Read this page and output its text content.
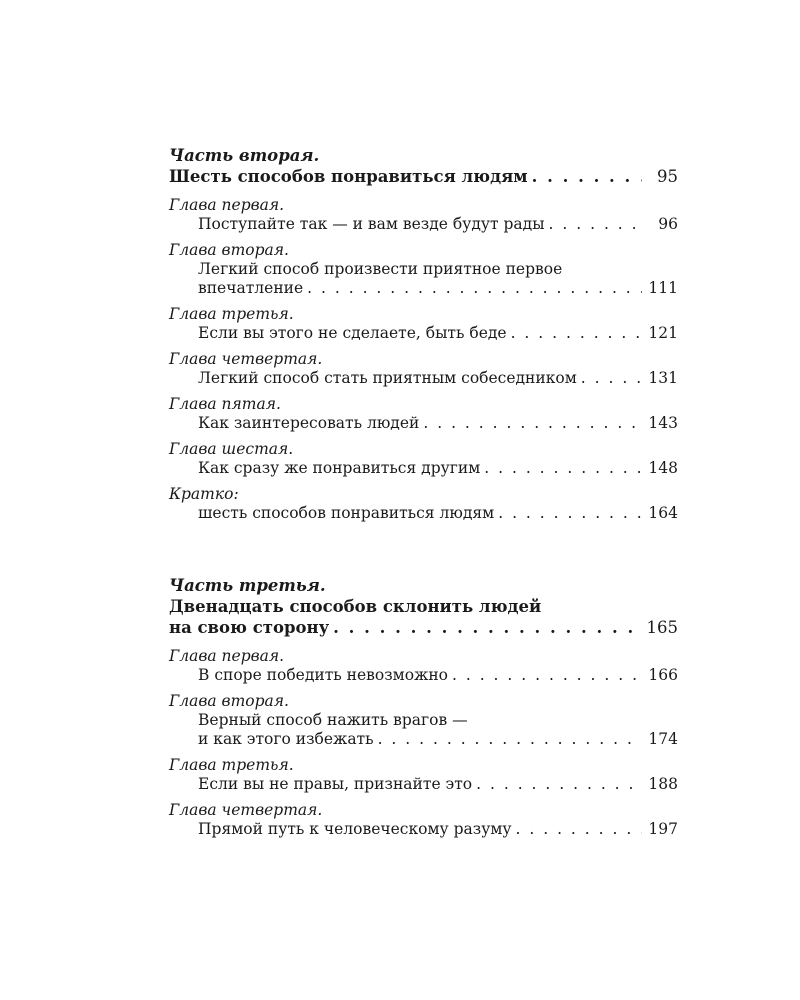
Часть вторая.
Шесть способов понравиться людям . . .	95
Глава первая.
Поступайте так — и вам везде будут рады . . .	96
Глава вторая.
Легкий способ произвести приятное первое
впечатление . . .	111
Глава третья.
Если вы этого не сделаете, быть беде . . .	121
Глава четвертая.
Легкий способ стать приятным собеседником . . .	131
Глава пятая.
Как заинтересовать людей . . .	143
Глава шестая.
Как сразу же понравиться другим . . .	148
Кратко:
шесть способов понравиться людям . . .	164
Часть третья.
Двенадцать способов склонить людей
на свою сторону . . .	165
Глава первая.
В споре победить невозможно . . .	166
Глава вторая.
Верный способ нажить врагов —
и как этого избежать . . .	174
Глава третья.
Если вы не правы, признайте это . . .	188
Глава четвертая.
Прямой путь к человеческому разуму . . .	197
